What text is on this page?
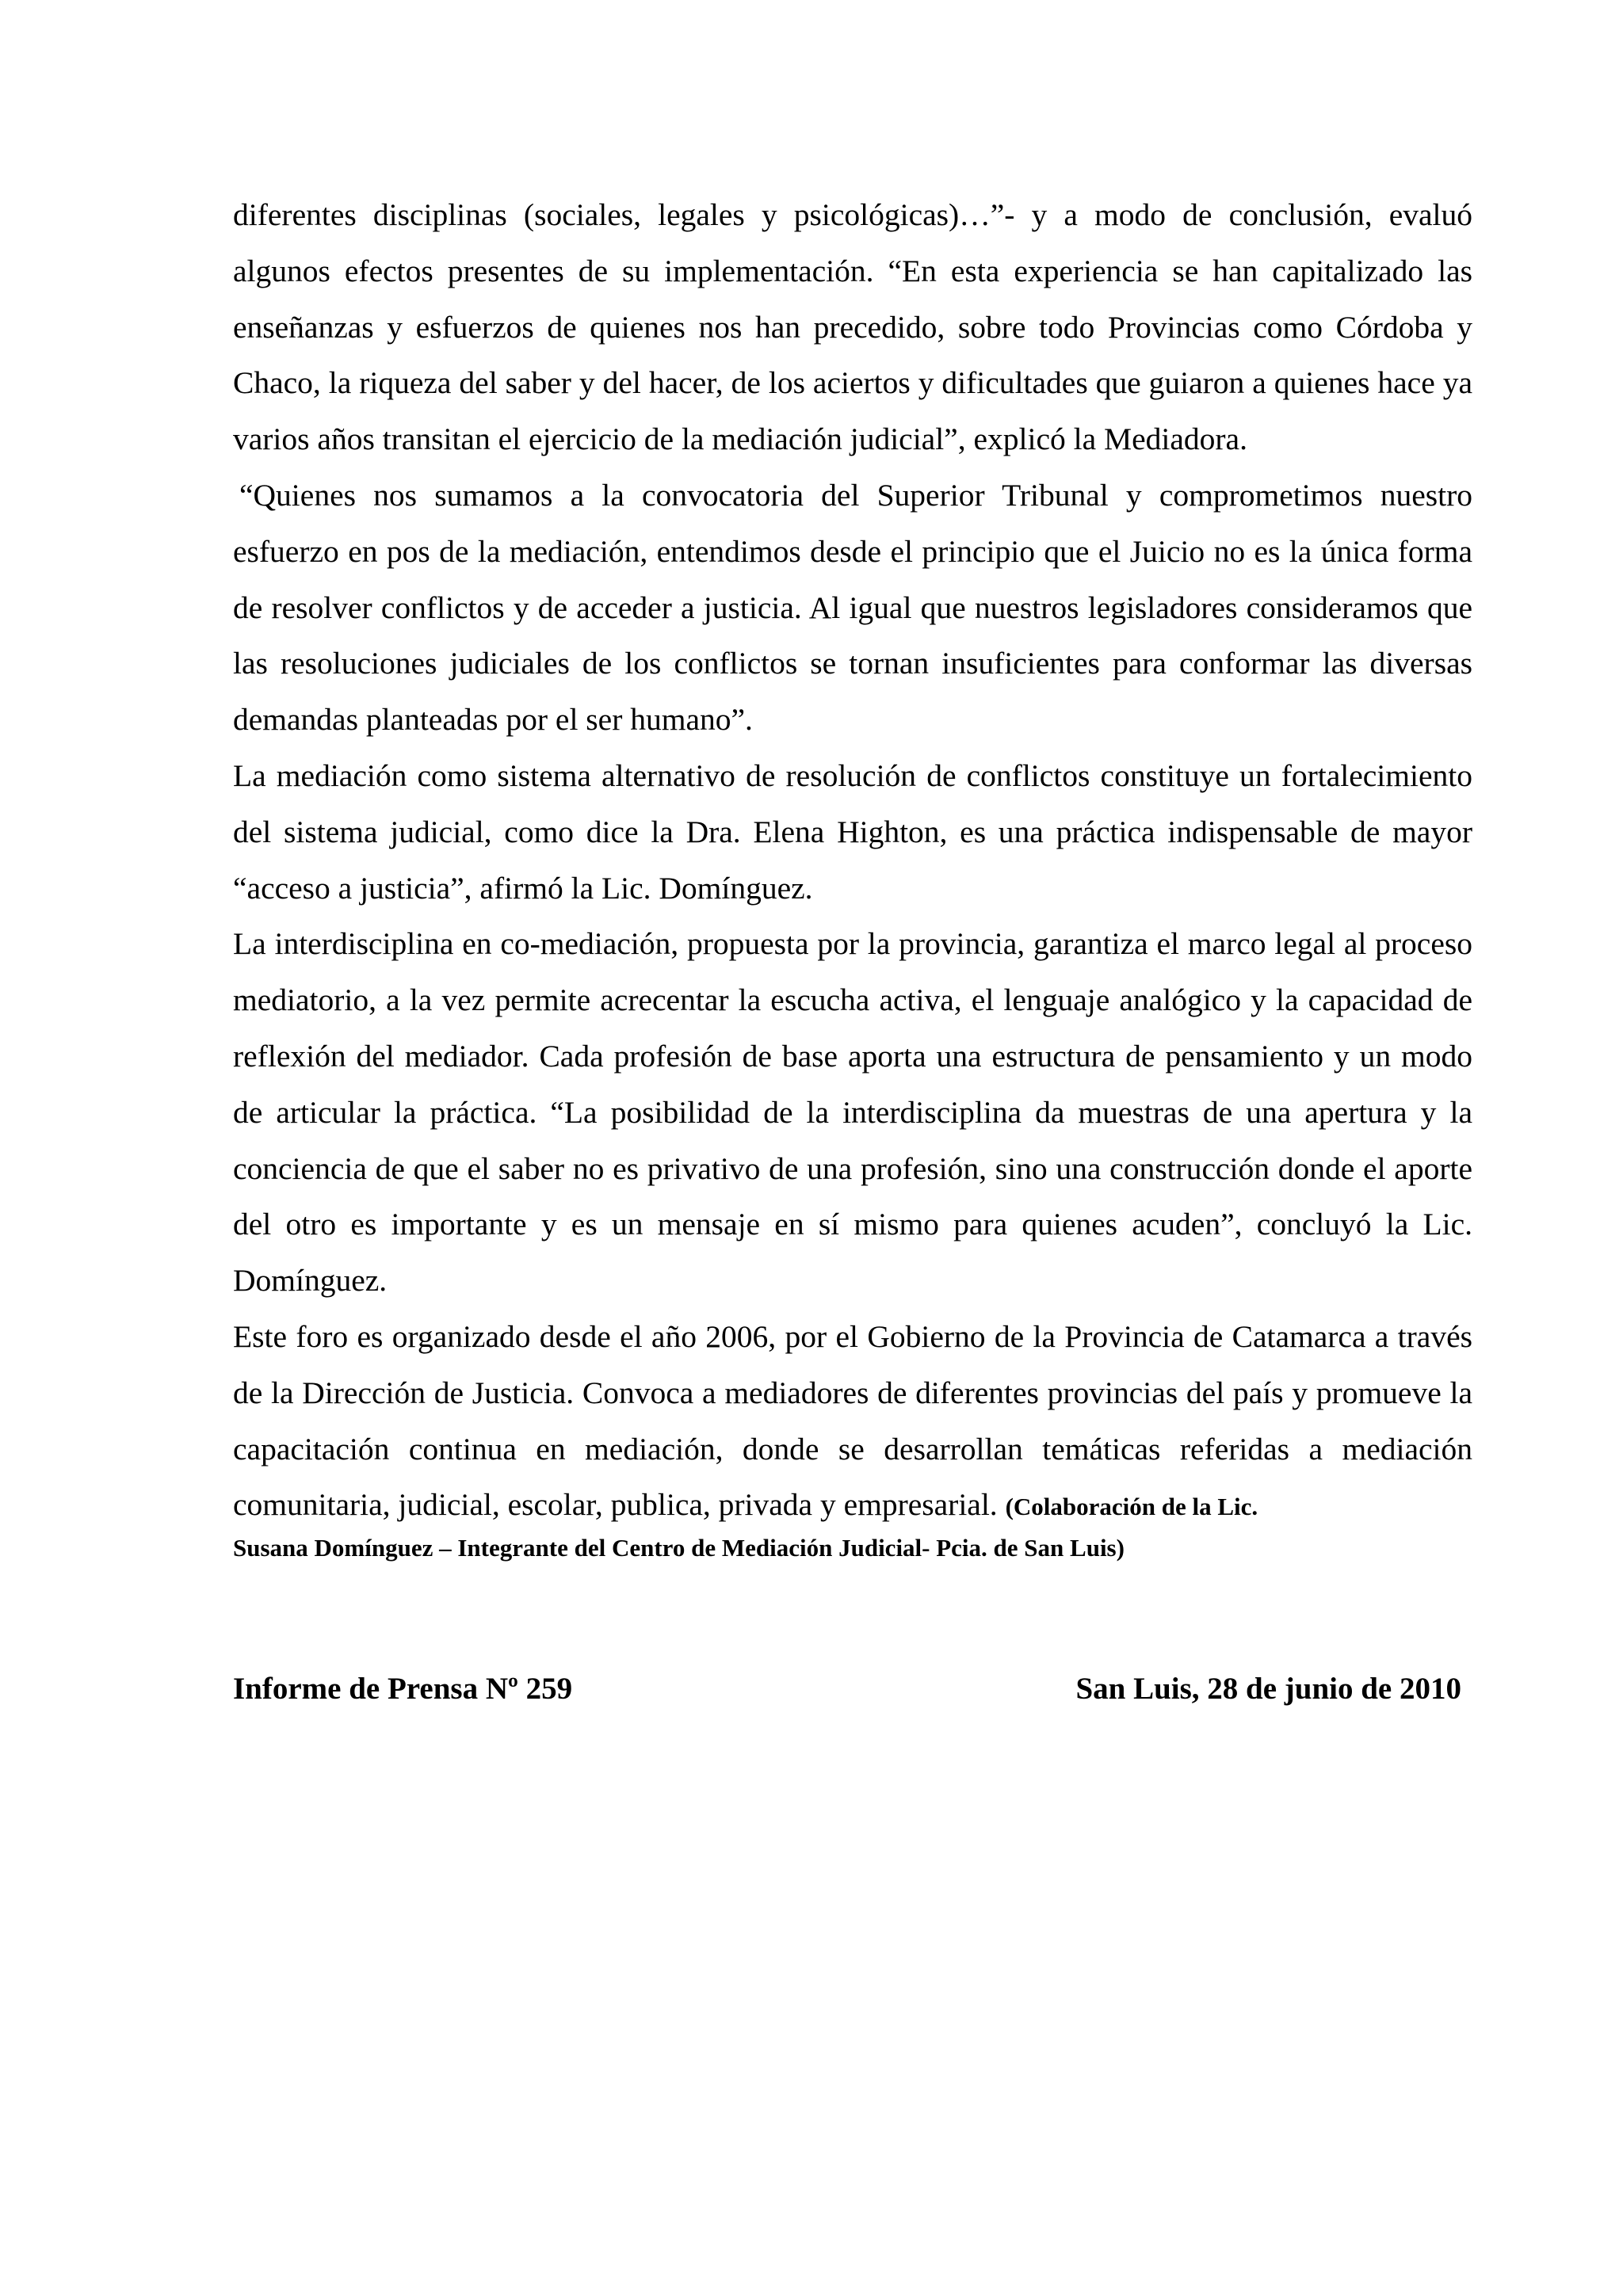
diferentes disciplinas (sociales, legales y psicológicas)…”- y a modo de conclusión, evaluó algunos efectos presentes de su implementación. “En esta experiencia se han capitalizado las enseñanzas y esfuerzos de quienes nos han precedido, sobre todo Provincias como Córdoba y Chaco, la riqueza del saber y del hacer, de los aciertos y dificultades que guiaron a quienes hace ya varios años transitan el ejercicio de la mediación judicial”, explicó la Mediadora.

“Quienes nos sumamos a la convocatoria del Superior Tribunal y comprometimos nuestro esfuerzo en pos de la mediación, entendimos desde el principio que el Juicio no es la única forma de resolver conflictos y de acceder a justicia. Al igual que nuestros legisladores consideramos que las resoluciones judiciales de los conflictos se tornan insuficientes para conformar las diversas demandas planteadas por el ser humano”.

La mediación como sistema alternativo de resolución de conflictos constituye un fortalecimiento del sistema judicial, como dice la Dra. Elena Highton, es una práctica indispensable de mayor “acceso a justicia”, afirmó la Lic. Domínguez.

La interdisciplina en co-mediación, propuesta por la provincia, garantiza el marco legal al proceso mediatorio, a la vez permite acrecentar la escucha activa, el lenguaje analógico y la capacidad de reflexión del mediador. Cada profesión de base aporta una estructura de pensamiento y un modo de articular la práctica. “La posibilidad de la interdisciplina da muestras de una apertura y la conciencia de que el saber no es privativo de una profesión, sino una construcción donde el aporte del otro es importante y es un mensaje en sí mismo para quienes acuden”, concluyó la Lic. Domínguez.

Este foro es organizado desde el año 2006, por el Gobierno de la Provincia de Catamarca a través de la Dirección de Justicia. Convoca a mediadores de diferentes provincias del país y promueve la capacitación continua en mediación, donde se desarrollan temáticas referidas a mediación comunitaria, judicial, escolar, publica, privada y empresarial. (Colaboración de la Lic.

Susana Domínguez – Integrante del Centro de Mediación Judicial- Pcia. de San Luis)

Informe de Prensa Nº 259	San Luis, 28 de junio de 2010
